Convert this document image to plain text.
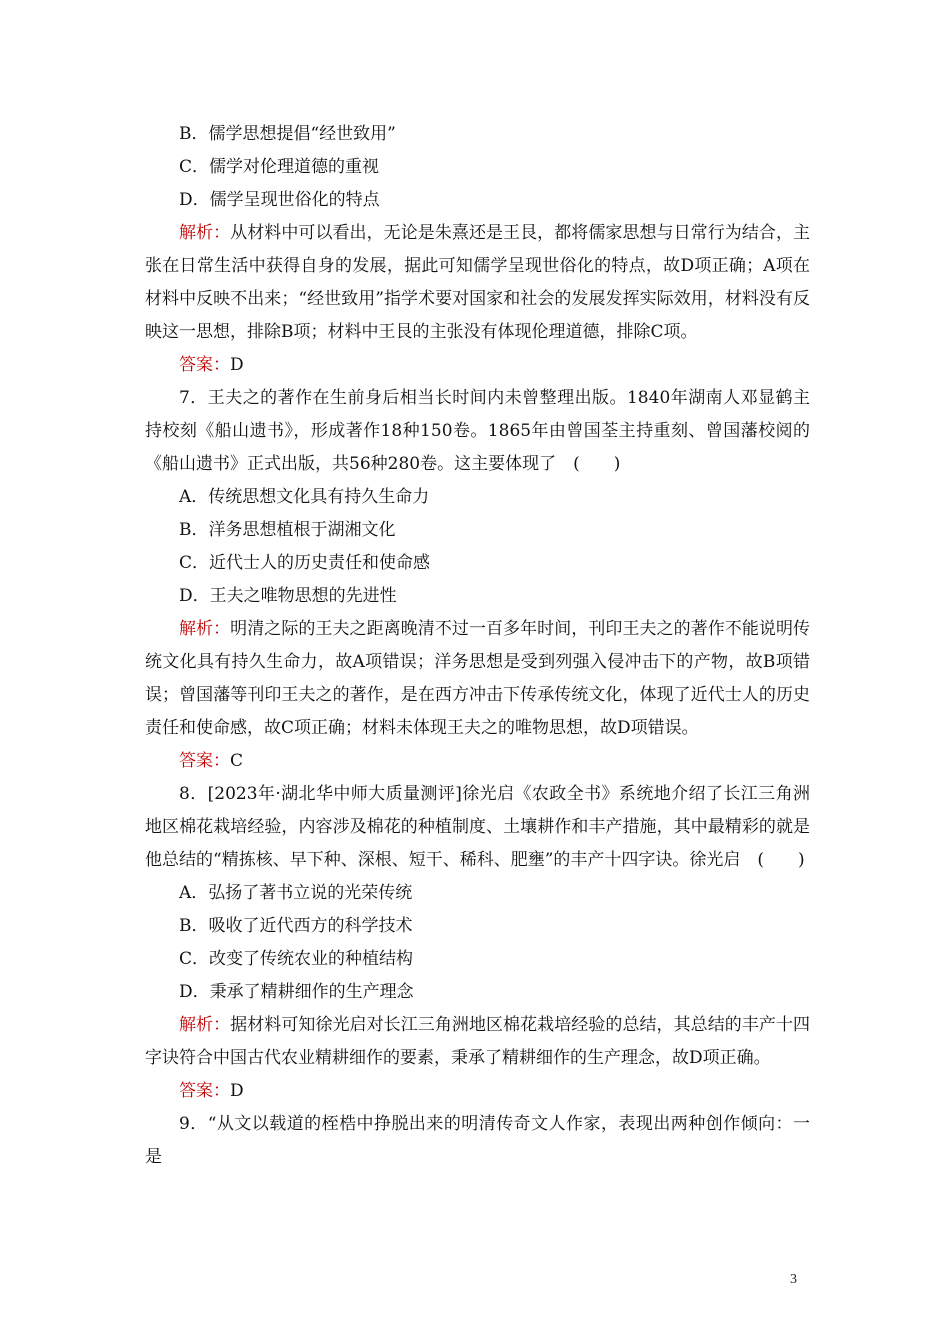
B．儒学思想提倡“经世致用”
C．儒学对伦理道德的重视
D．儒学呈现世俗化的特点

解析：从材料中可以看出，无论是朱熹还是王艮，都将儒家思想与日常行为结合，主张在日常生活中获得自身的发展，据此可知儒学呈现世俗化的特点，故D项正确；A项在材料中反映不出来；“经世致用”指学术要对国家和社会的发展发挥实际效用，材料没有反映这一思想，排除B项；材料中王艮的主张没有体现伦理道德，排除C项。

答案：D

7．王夫之的著作在生前身后相当长时间内未曾整理出版。1840年湖南人邓显鹤主持校刻《船山遗书》，形成著作18种150卷。1865年由曾国荃主持重刻、曾国藩校阅的《船山遗书》正式出版，共56种280卷。这主要体现了　(　　)

A．传统思想文化具有持久生命力
B．洋务思想植根于湖湘文化
C．近代士人的历史责任和使命感
D．王夫之唯物思想的先进性

解析：明清之际的王夫之距离晚清不过一百多年时间，刊印王夫之的著作不能说明传统文化具有持久生命力，故A项错误；洋务思想是受到列强入侵冲击下的产物，故B项错误；曾国藩等刊印王夫之的著作，是在西方冲击下传承传统文化，体现了近代士人的历史责任和使命感，故C项正确；材料未体现王夫之的唯物思想，故D项错误。

答案：C

8．[2023年·湖北华中师大质量测评]徐光启《农政全书》系统地介绍了长江三角洲地区棉花栽培经验，内容涉及棉花的种植制度、土壤耕作和丰产措施，其中最精彩的就是他总结的“精拣核、早下种、深根、短干、稀科、肥壅”的丰产十四字诀。徐光启　(　　)

A．弘扬了著书立说的光荣传统
B．吸收了近代西方的科学技术
C．改变了传统农业的种植结构
D．秉承了精耕细作的生产理念

解析：据材料可知徐光启对长江三角洲地区棉花栽培经验的总结，其总结的丰产十四字诀符合中国古代农业精耕细作的要素，秉承了精耕细作的生产理念，故D项正确。

答案：D

9．“从文以载道的桎梏中挣脱出来的明清传奇文人作家，表现出两种创作倾向：一是

3
